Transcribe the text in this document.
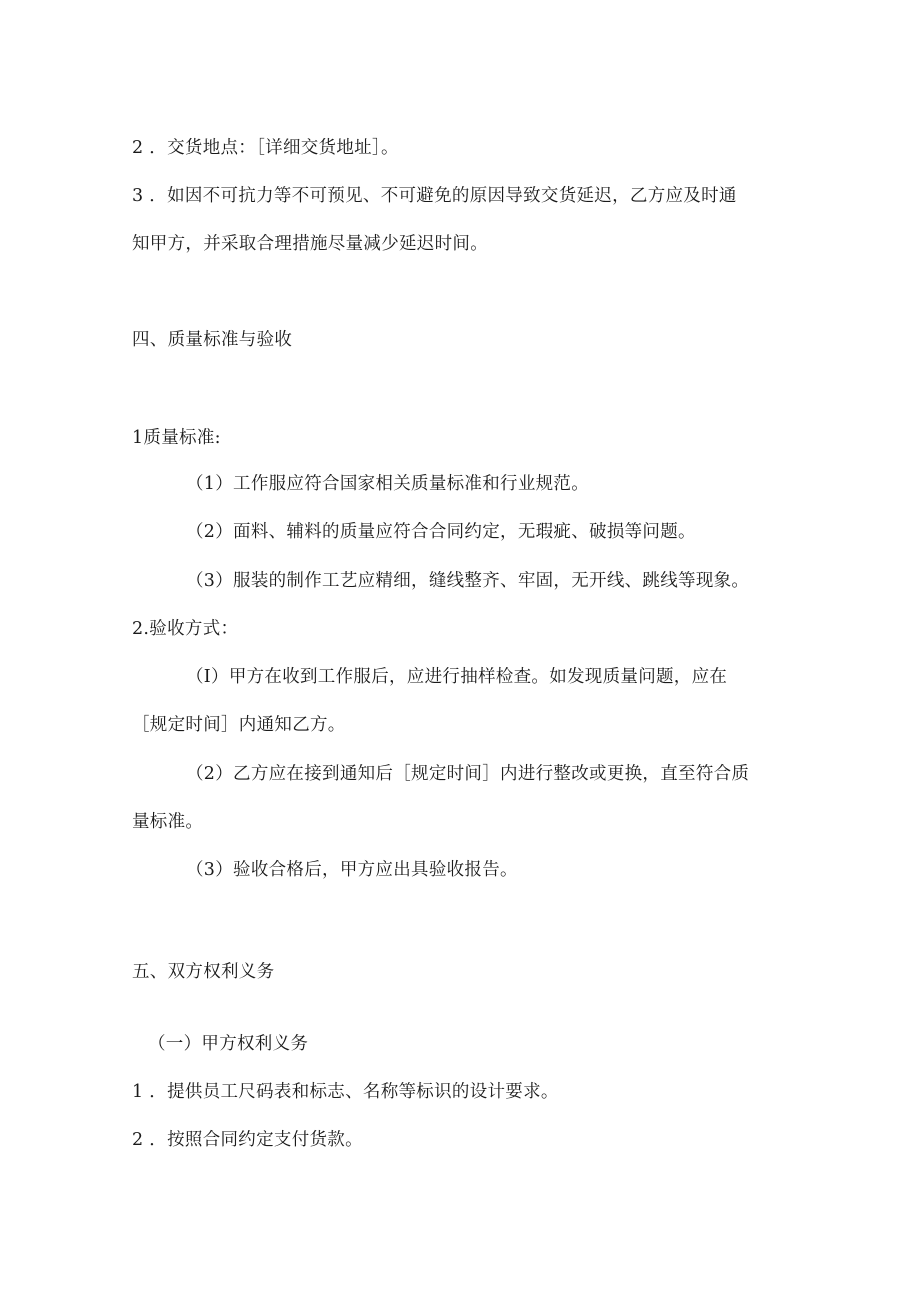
2 ．交货地点：［详细交货地址］。
3 ．如因不可抗力等不可预见、不可避免的原因导致交货延迟，乙方应及时通
知甲方，并采取合理措施尽量减少延迟时间。
四、质量标准与验收
1质量标准:
（1）工作服应符合国家相关质量标准和行业规范。
（2）面料、辅料的质量应符合合同约定，无瑕疵、破损等问题。
（3）服装的制作工艺应精细，缝线整齐、牢固，无开线、跳线等现象。
2.验收方式：
（I）甲方在收到工作服后，应进行抽样检查。如发现质量问题，应在
［规定时间］内通知乙方。
（2）乙方应在接到通知后［规定时间］内进行整改或更换，直至符合质
量标准。
（3）验收合格后，甲方应出具验收报告。
五、双方权利义务
（一）甲方权利义务
1 ．提供员工尺码表和标志、名称等标识的设计要求。
2 ．按照合同约定支付货款。
